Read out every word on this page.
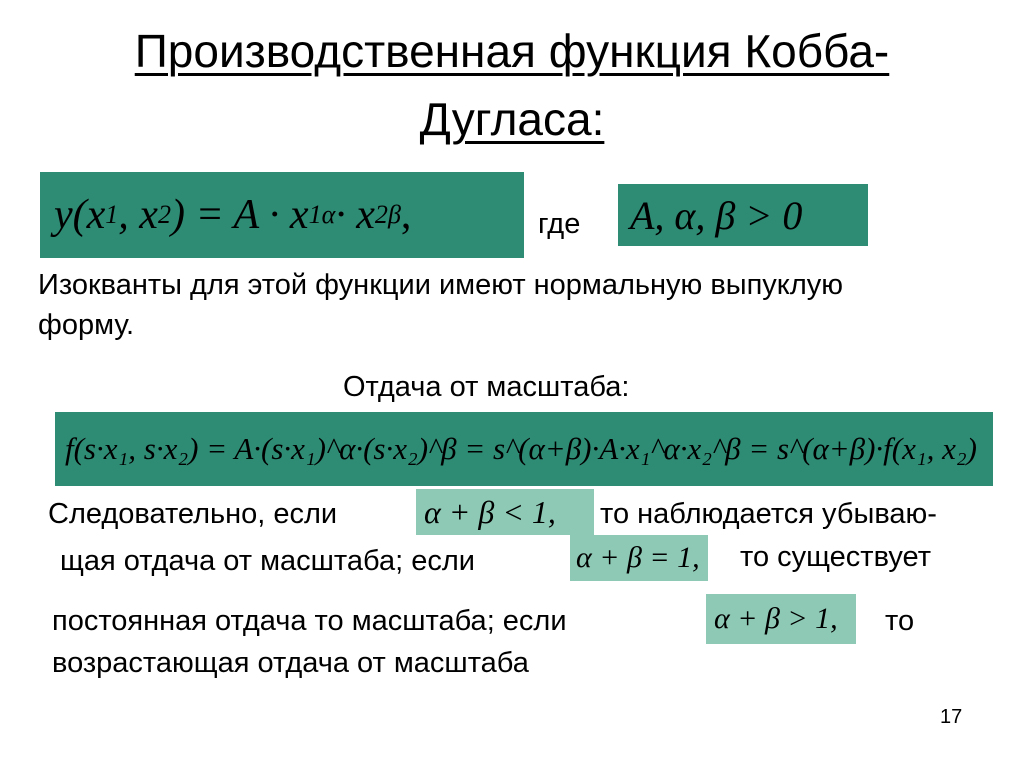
Производственная функция Кобба-
Дугласа:
y(x 1 , x 2 ) = A · x 1 α · x 2 β ,	где A, α, β > 0
Изокванты для этой функции имеют нормальную выпуклую
форму.
Отдача от масштаба:
f(s·x₁, s·x₂) = A·(s·x₁)^α·(s·x₂)^β = s^(α+β)·A·x₁^α·x₂^β = s^(α+β)·f(x₁, x₂)
Следовательно, если	α + β < 1, то наблюдается убываю-
щая отдача от масштаба; если	α + β = 1, то существует
постоянная отдача то масштаба; если	α + β > 1, то
возрастающая отдача от масштаба
17
